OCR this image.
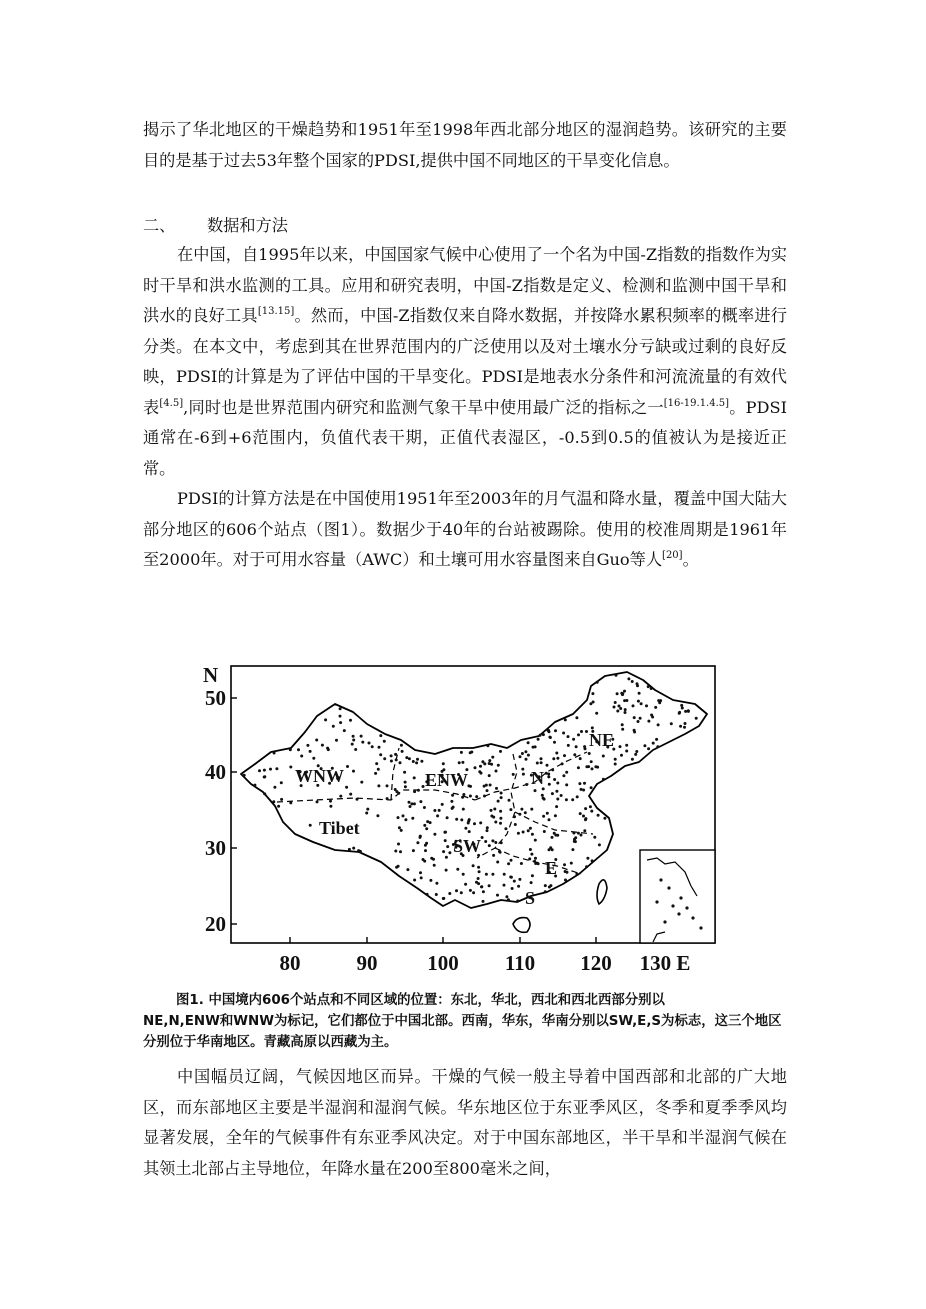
揭示了华北地区的干燥趋势和1951年至1998年西北部分地区的湿润趋势。该研究的主要目的是基于过去53年整个国家的PDSI,提供中国不同地区的干旱变化信息。

二、 数据和方法

在中国，自1995年以来，中国国家气候中心使用了一个名为中国-Z指数的指数作为实时干旱和洪水监测的工具。应用和研究表明，中国-Z指数是定义、检测和监测中国干旱和洪水的良好工具[13.15]。然而，中国-Z指数仅来自降水数据，并按降水累积频率的概率进行分类。在本文中，考虑到其在世界范围内的广泛使用以及对土壤水分亏缺或过剩的良好反映，PDSI的计算是为了评估中国的干旱变化。PDSI是地表水分条件和河流流量的有效代表[4.5],同时也是世界范围内研究和监测气象干旱中使用最广泛的指标之一[16-19.1.4.5]。PDSI通常在-6到+6范围内，负值代表干期，正值代表湿区，-0.5到0.5的值被认为是接近正常。

PDSI的计算方法是在中国使用1951年至2003年的月气温和降水量，覆盖中国大陆大部分地区的606个站点（图1）。数据少于40年的台站被踢除。使用的校准周期是1961年至2000年。对于可用水容量（AWC）和土壤可用水容量图来自Guo等人[20]。

N
50
40
30
20
80	90 100 110 120 130 E
WNW	ENW	N
NE
Tibet
SW
E
S

图1. 中国境内606个站点和不同区域的位置：东北，华北，西北和西北西部分别以
NE,N,ENW和WNW为标记，它们都位于中国北部。西南，华东，华南分别以SW,E,S为标志，这三个地区分别位于华南地区。青藏高原以西藏为主。

中国幅员辽阔，气候因地区而异。干燥的气候一般主导着中国西部和北部的广大地区，而东部地区主要是半湿润和湿润气候。华东地区位于东亚季风区，冬季和夏季季风均显著发展，全年的气候事件有东亚季风决定。对于中国东部地区，半干旱和半湿润气候在其领土北部占主导地位，年降水量在200至800毫米之间，
